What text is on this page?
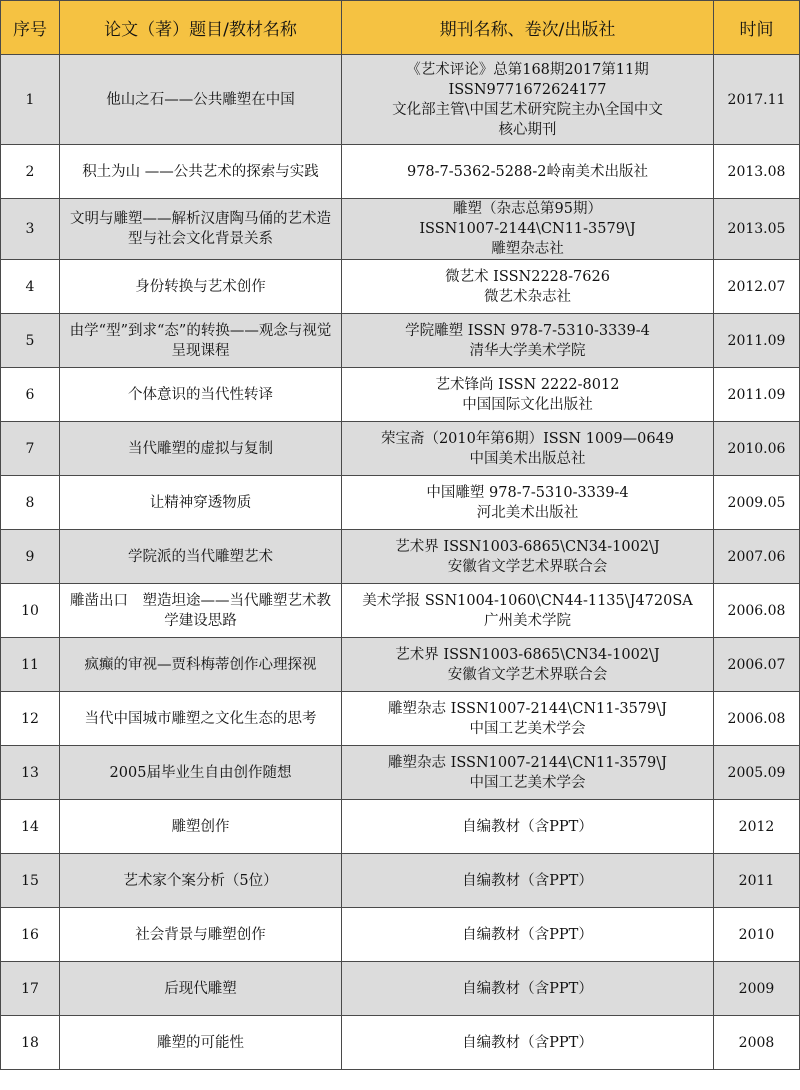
序号	论文（著）题目/教材名称	期刊名称、卷次/出版社	时间
1	他山之石——公共雕塑在中国	《艺术评论》总第168期2017第11期
ISSN9771672624177
文化部主管\中国艺术研究院主办\全国中文
核心期刊	2017.11
2	积土为山 ——公共艺术的探索与实践	978-7-5362-5288-2岭南美术出版社	2013.08
3	文明与雕塑——解析汉唐陶马俑的艺术造型与社会文化背景关系	雕塑（杂志总第95期）
ISSN1007-2144\CN11-3579\J
雕塑杂志社	2013.05
4	身份转换与艺术创作	微艺术 ISSN2228-7626
微艺术杂志社	2012.07
5	由学“型”到求“态”的转换——观念与视觉呈现课程	学院雕塑 ISSN 978-7-5310-3339-4
清华大学美术学院	2011.09
6	个体意识的当代性转译	艺术锋尚 ISSN 2222-8012
中国国际文化出版社	2011.09
7	当代雕塑的虚拟与复制	荣宝斋（2010年第6期）ISSN 1009—0649
中国美术出版总社	2010.06
8	让精神穿透物质	中国雕塑 978-7-5310-3339-4
河北美术出版社	2009.05
9	学院派的当代雕塑艺术	艺术界 ISSN1003-6865\CN34-1002\J
安徽省文学艺术界联合会	2007.06
10	雕凿出口　塑造坦途——当代雕塑艺术教学建设思路	美术学报 SSN1004-1060\CN44-1135\J4720SA
广州美术学院	2006.08
11	疯癫的审视—贾科梅蒂创作心理探视	艺术界 ISSN1003-6865\CN34-1002\J
安徽省文学艺术界联合会	2006.07
12	当代中国城市雕塑之文化生态的思考	雕塑杂志 ISSN1007-2144\CN11-3579\J
中国工艺美术学会	2006.08
13	2005届毕业生自由创作随想	雕塑杂志 ISSN1007-2144\CN11-3579\J
中国工艺美术学会	2005.09
14	雕塑创作	自编教材（含PPT）	2012
15	艺术家个案分析（5位）	自编教材（含PPT）	2011
16	社会背景与雕塑创作	自编教材（含PPT）	2010
17	后现代雕塑	自编教材（含PPT）	2009
18	雕塑的可能性	自编教材（含PPT）	2008
